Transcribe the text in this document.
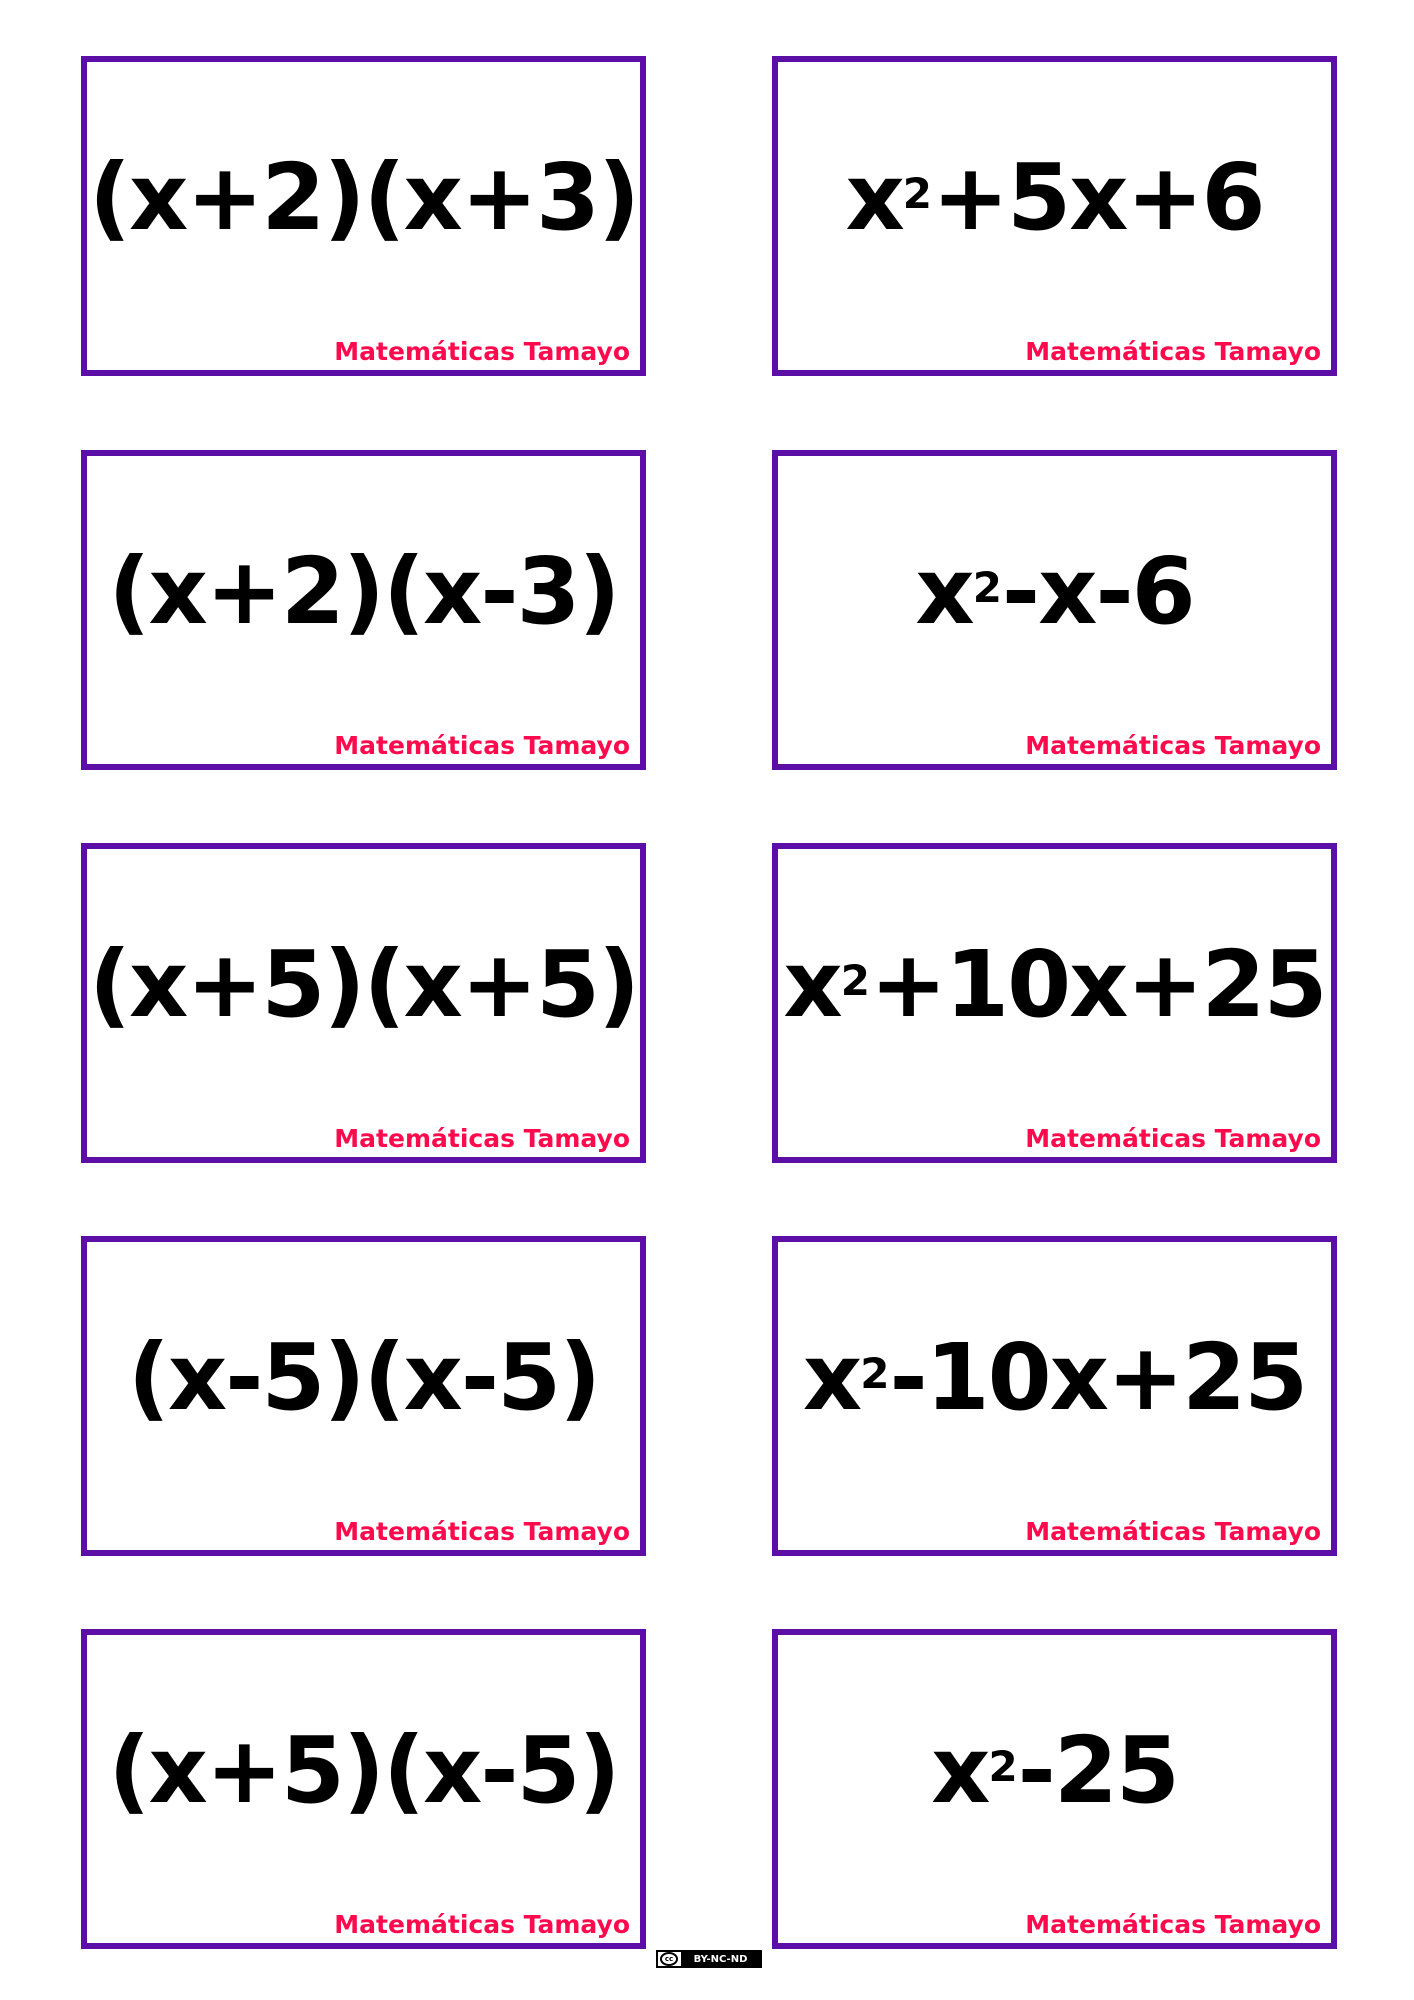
(x+2)(x+3)
Matemáticas Tamayo
$x^2 +5x+6$
Matemáticas Tamayo
(x+2)(x-3)
Matemáticas Tamayo
$x^2$ -x-6
Matemáticas Tamayo
(x+5)(x+5)
Matemáticas Tamayo
$x^2 +10x+25$
Matemáticas Tamayo
(x-5)(x-5)
Matemáticas Tamayo
$x^2$ -10x+25
Matemáticas Tamayo
(x+5)(x-5)
Matemáticas Tamayo
$x^2$ -25
Matemáticas Tamayo
cc	BY-NC-ND
